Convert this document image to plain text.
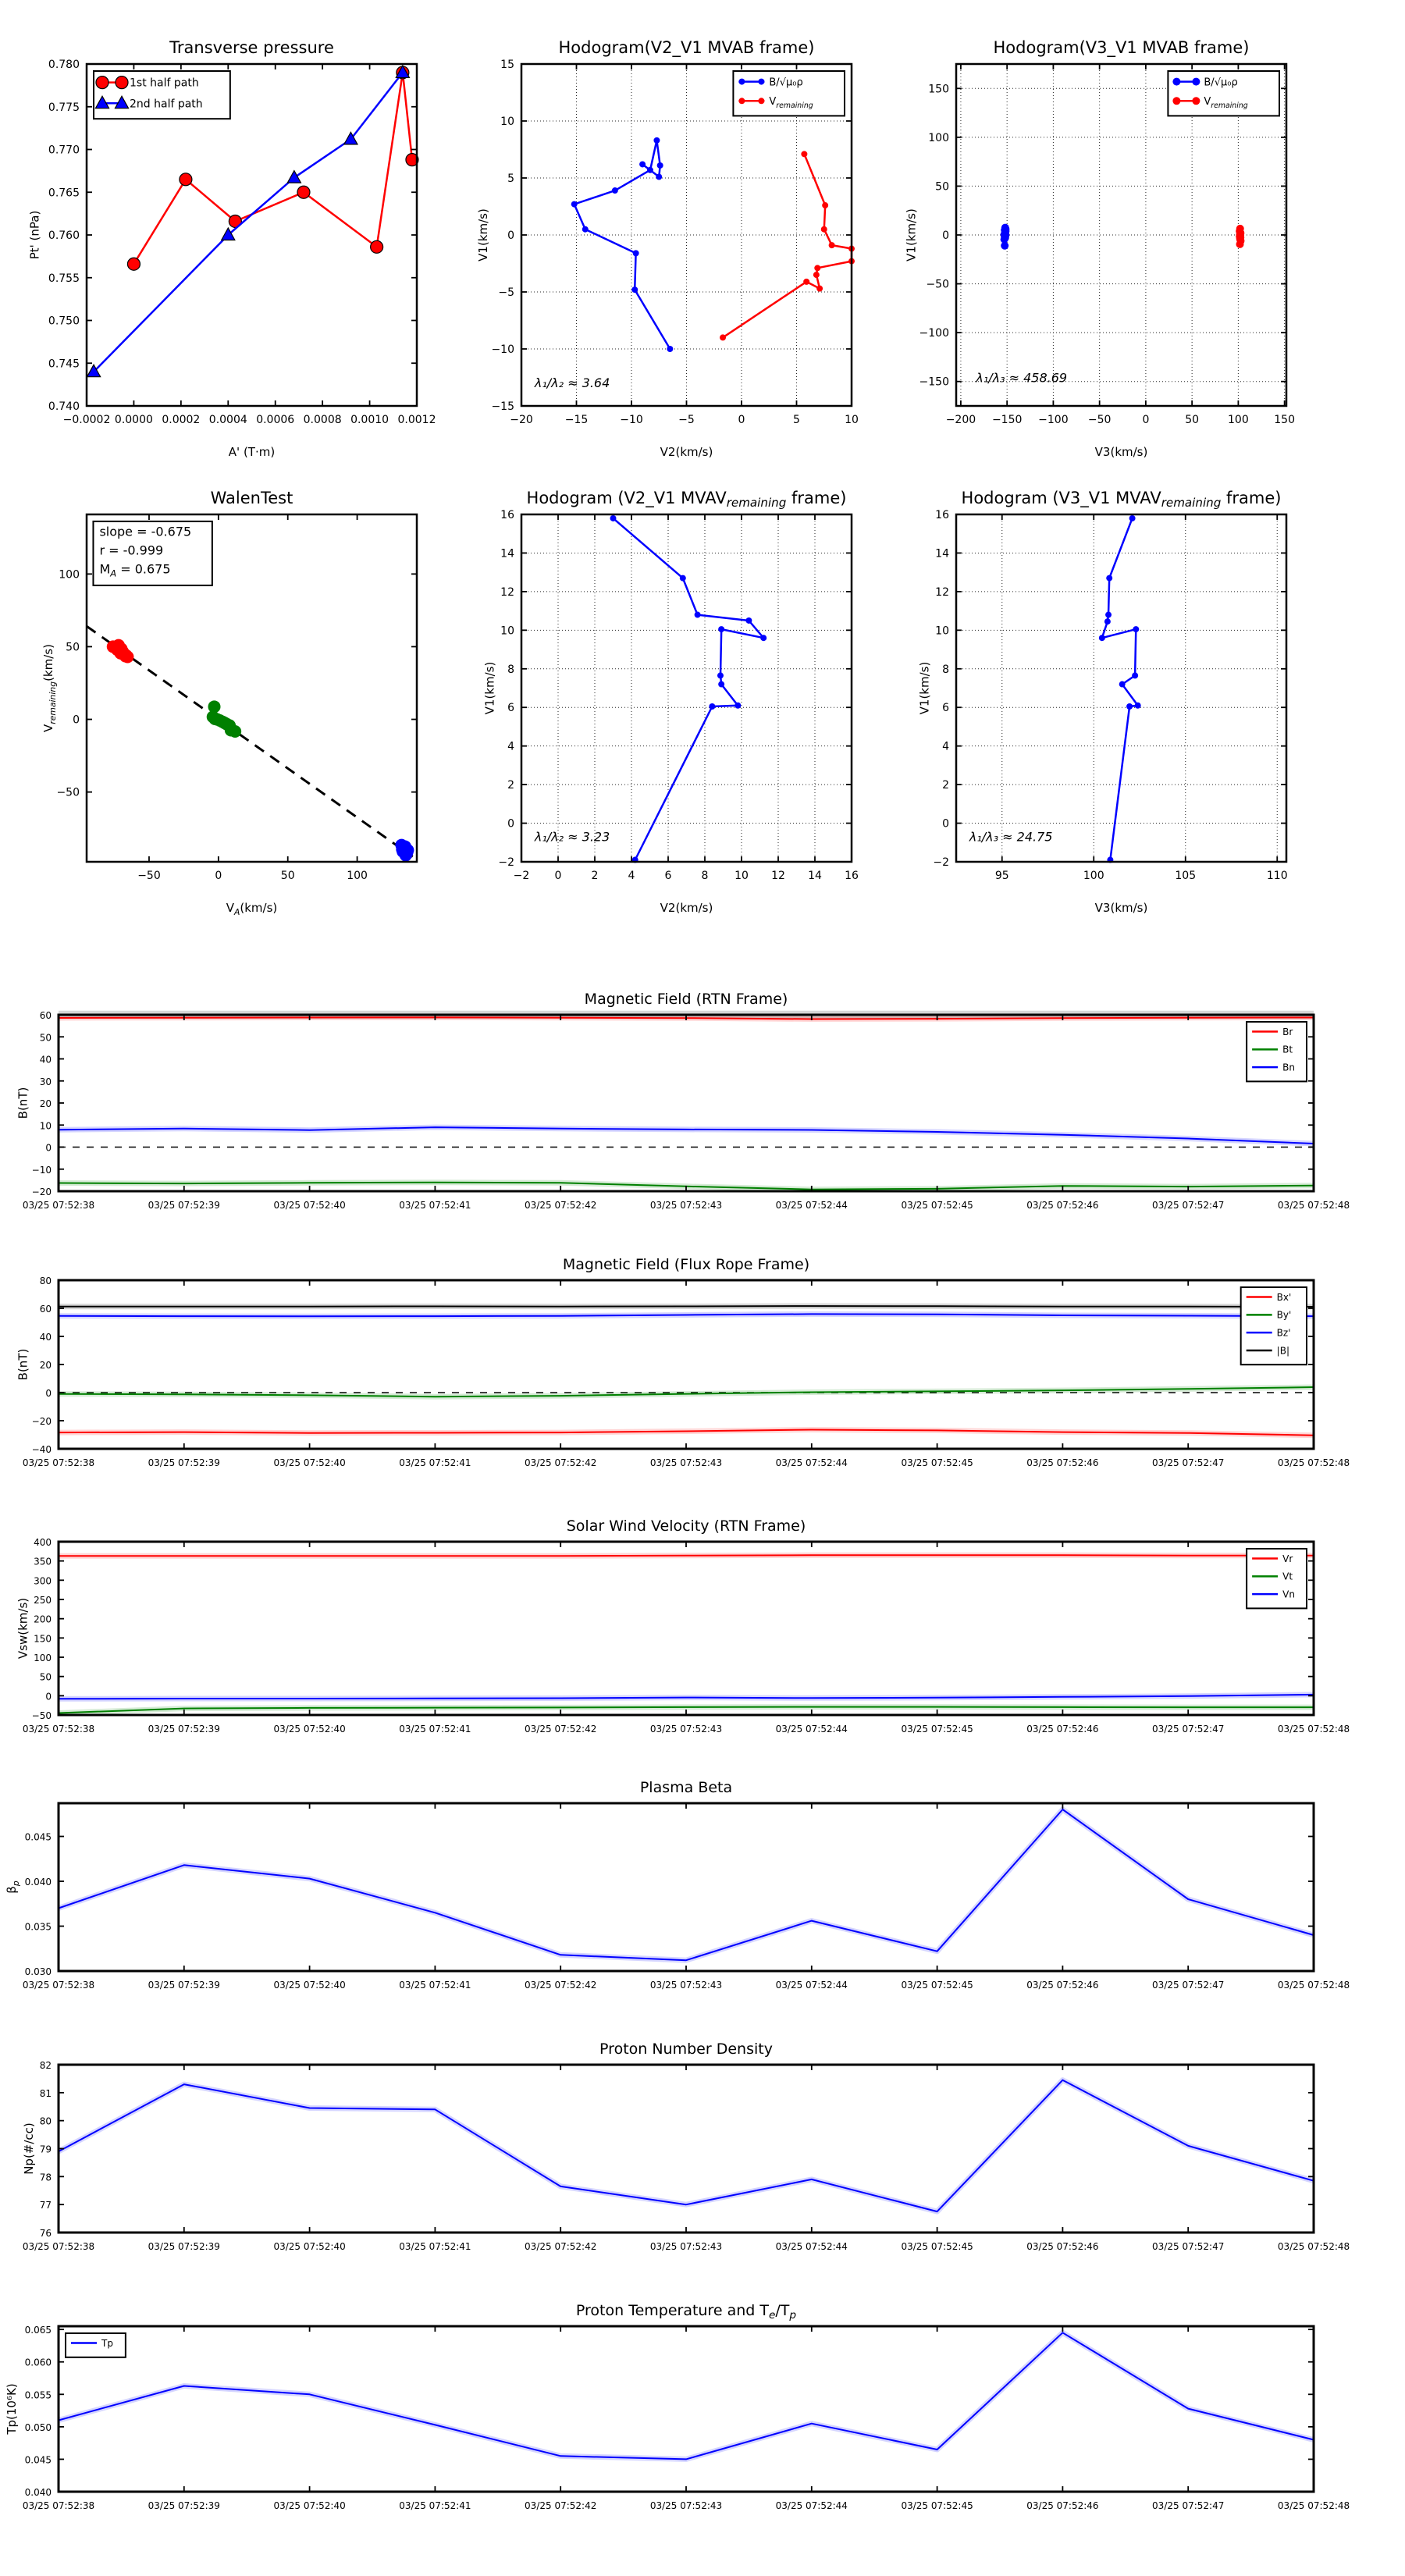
−0.0002 0.0000 0.0002 0.0004 0.0006 0.0008 0.0010 0.0012
0.740
0.745
0.750
0.755
0.760
0.765
0.770
0.775
0.780
Transverse pressure
A' (T·m)
Pt' (nPa)
1st half path
2nd half path
−20	−15	−10	−5	0	5	10
−15
−10
−5
0
5
10
15
Hodogram(V2_V1 MVAB frame)
V2(km/s)
V1(km/s)
λ₁/λ₂ ≈ 3.64
B/√μ₀ρ
$V_{remaining}$
−200 −150 −100 −50	0	50	100 150
−150
−100
−50
0
50
100
150
Hodogram(V3_V1 MVAB frame)
V3(km/s)
V1(km/s)
λ₁/λ₃ ≈ 458.69
B/√μ₀ρ
$V_{remaining}$
−50	0	50	100
−50
0
50
100
WalenTest
$V_A(km/s)$
$V_{remaining}(km/s)$
slope = -0.675
r = -0.999
$M_A = 0.675$
−2 0	2	4	6	8 10 12 14 16
−2
0
2
4
6
8
10
12
14
16
Hodogram (V2_V1 MVAVremaining frame)
V2(km/s)
V1(km/s)
λ₁/λ₂ ≈ 3.23
95	100	105	110
−2
0
2
4
6
8
10
12
14
16
Hodogram (V3_V1 MVAVremaining frame)
V3(km/s)
V1(km/s)
λ₁/λ₃ ≈ 24.75
03/25 07:52:38	03/25 07:52:39	03/25 07:52:40	03/25 07:52:41	03/25 07:52:42	03/25 07:52:43	03/25 07:52:44	03/25 07:52:45	03/25 07:52:46	03/25 07:52:47	03/25 07:52:48
−20
−10
0
10
20
30
40
50
60
Magnetic Field (RTN Frame)
B(nT)
Br
Bt
Bn
03/25 07:52:38	03/25 07:52:39	03/25 07:52:40	03/25 07:52:41	03/25 07:52:42	03/25 07:52:43	03/25 07:52:44	03/25 07:52:45	03/25 07:52:46	03/25 07:52:47	03/25 07:52:48
−40
−20
0
20
40
60
80
Magnetic Field (Flux Rope Frame)
B(nT)
Bx'
By'
Bz'
|B|
03/25 07:52:38	03/25 07:52:39	03/25 07:52:40	03/25 07:52:41	03/25 07:52:42	03/25 07:52:43	03/25 07:52:44	03/25 07:52:45	03/25 07:52:46	03/25 07:52:47	03/25 07:52:48
−50
0
50
100
150
200
250
300
350
400
Solar Wind Velocity (RTN Frame)
Vsw(km/s)
Vr
Vt
Vn
03/25 07:52:38	03/25 07:52:39	03/25 07:52:40	03/25 07:52:41	03/25 07:52:42	03/25 07:52:43	03/25 07:52:44	03/25 07:52:45	03/25 07:52:46	03/25 07:52:47	03/25 07:52:48
0.030
0.035
0.040
0.045
Plasma Beta
$\beta_p$
03/25 07:52:38	03/25 07:52:39	03/25 07:52:40	03/25 07:52:41	03/25 07:52:42	03/25 07:52:43	03/25 07:52:44	03/25 07:52:45	03/25 07:52:46	03/25 07:52:47	03/25 07:52:48
76
77
78
79
80
81
82
Proton Number Density
Np(#/cc)
03/25 07:52:38	03/25 07:52:39	03/25 07:52:40	03/25 07:52:41	03/25 07:52:42	03/25 07:52:43	03/25 07:52:44	03/25 07:52:45	03/25 07:52:46	03/25 07:52:47	03/25 07:52:48
0.040
0.045
0.050
0.055
0.060
0.065
Proton Temperature and $T_e/T_p$
Tp(10⁶K)
Tp
